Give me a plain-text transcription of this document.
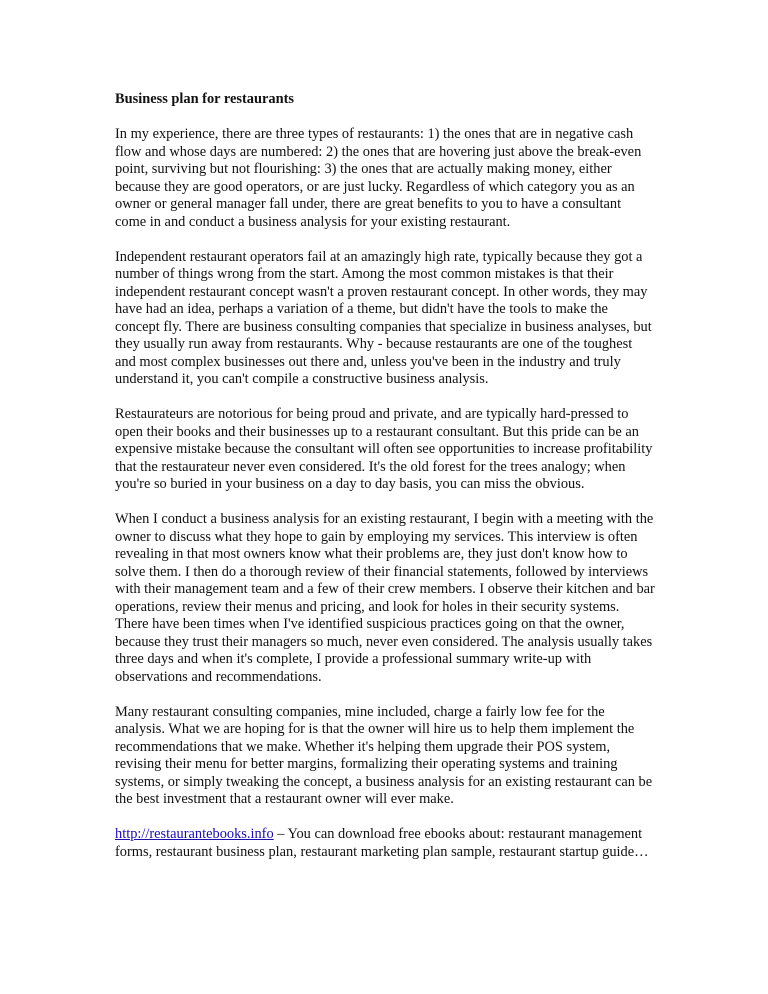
Business plan for restaurants

In my experience, there are three types of restaurants: 1) the ones that are in negative cash flow and whose days are numbered: 2) the ones that are hovering just above the break-even point, surviving but not flourishing: 3) the ones that are actually making money, either because they are good operators, or are just lucky. Regardless of which category you as an owner or general manager fall under, there are great benefits to you to have a consultant come in and conduct a business analysis for your existing restaurant.

Independent restaurant operators fail at an amazingly high rate, typically because they got a number of things wrong from the start. Among the most common mistakes is that their independent restaurant concept wasn't a proven restaurant concept. In other words, they may have had an idea, perhaps a variation of a theme, but didn't have the tools to make the concept fly. There are business consulting companies that specialize in business analyses, but they usually run away from restaurants. Why - because restaurants are one of the toughest and most complex businesses out there and, unless you've been in the industry and truly understand it, you can't compile a constructive business analysis.

Restaurateurs are notorious for being proud and private, and are typically hard-pressed to open their books and their businesses up to a restaurant consultant. But this pride can be an expensive mistake because the consultant will often see opportunities to increase profitability that the restaurateur never even considered. It's the old forest for the trees analogy; when you're so buried in your business on a day to day basis, you can miss the obvious.

When I conduct a business analysis for an existing restaurant, I begin with a meeting with the owner to discuss what they hope to gain by employing my services. This interview is often revealing in that most owners know what their problems are, they just don't know how to solve them. I then do a thorough review of their financial statements, followed by interviews with their management team and a few of their crew members. I observe their kitchen and bar operations, review their menus and pricing, and look for holes in their security systems. There have been times when I've identified suspicious practices going on that the owner, because they trust their managers so much, never even considered. The analysis usually takes three days and when it's complete, I provide a professional summary write-up with observations and recommendations.

Many restaurant consulting companies, mine included, charge a fairly low fee for the analysis. What we are hoping for is that the owner will hire us to help them implement the recommendations that we make. Whether it's helping them upgrade their POS system, revising their menu for better margins, formalizing their operating systems and training systems, or simply tweaking the concept, a business analysis for an existing restaurant can be the best investment that a restaurant owner will ever make.

http://restaurantebooks.info – You can download free ebooks about: restaurant management forms, restaurant business plan, restaurant marketing plan sample, restaurant startup guide…
